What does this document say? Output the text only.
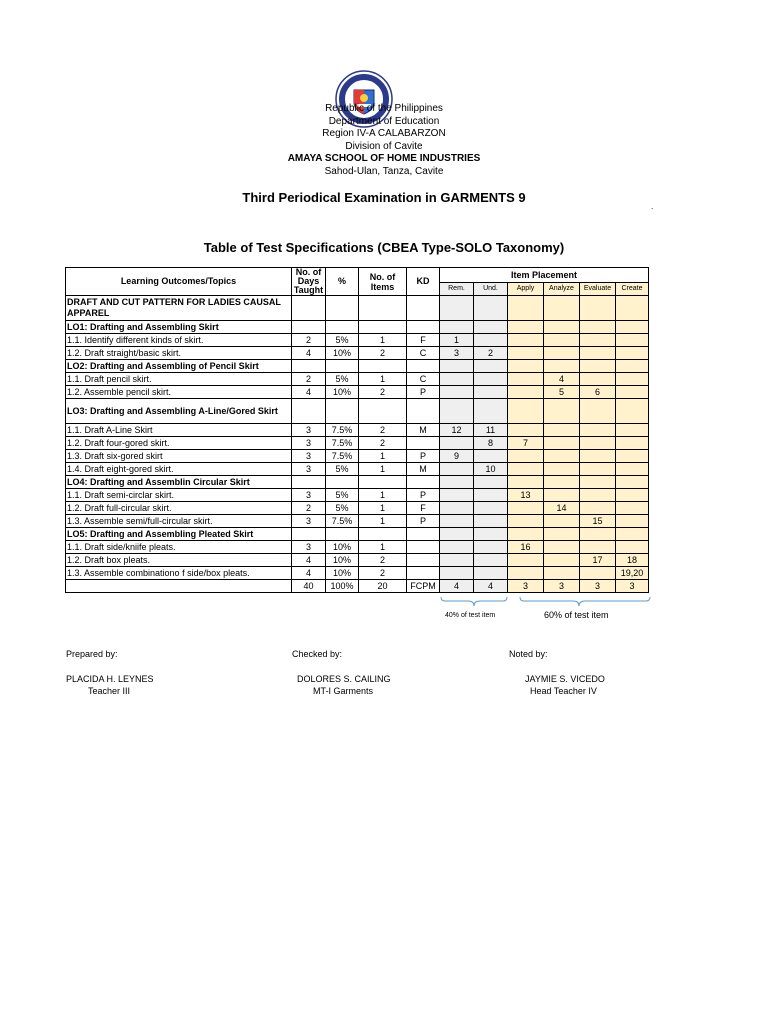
Republic of the Philippines
Department of Education
Region IV-A CALABARZON
Division of Cavite
AMAYA SCHOOL OF HOME INDUSTRIES
Sahod-Ulan, Tanza, Cavite
Third Periodical Examination in GARMENTS 9
.
Table of Test Specifications (CBEA Type-SOLO Taxonomy)
Learning Outcomes/Topics	No. of Days Taught	%	No. of Items	KD	Item Placement					
					Rem.	Und.	Apply	Analyze	Evaluate	Create
DRAFT AND CUT PATTERN FOR LADIES CAUSAL APPAREL										
LO1: Drafting and Assembling Skirt										
1.1. Identify different kinds of skirt.	2	5%	1	F	1					
1.2. Draft straight/basic skirt.	4	10%	2	C	3	2				
LO2: Drafting and Assembling of Pencil Skirt										
1.1. Draft pencil skirt.	2	5%	1	C				4		
1.2. Assemble pencil skirt.	4	10%	2	P				5	6	
LO3: Drafting and Assembling A-Line/Gored Skirt										
1.1. Draft A-Line Skirt	3	7.5%	2	M	12	11				
1.2. Draft four-gored skirt.	3	7.5%	2			8	7			
1.3. Draft six-gored skirt	3	7.5%	1	P	9					
1.4. Draft eight-gored skirt.	3	5%	1	M		10				
LO4: Drafting and Assemblin Circular Skirt										
1.1. Draft semi-circlar skirt.	3	5%	1	P			13			
1.2. Draft full-circular skirt.	2	5%	1	F				14		
1.3. Assemble semi/full-circular skirt.	3	7.5%	1	P					15	
LO5: Drafting and Assembling Pleated Skirt										
1.1. Draft side/kniife pleats.	3	10%	1				16			
1.2. Draft box pleats.	4	10%	2						17	18
1.3. Assemble combinationo f side/box pleats.	4	10%	2							19,20
	40	100%	20	FCPM	4	4	3	3	3	3
40% of test item	60% of test item
Prepared by:	Checked by:	Noted by:
PLACIDA H. LEYNES	DOLORES S. CAILING	JAYMIE S. VICEDO
Teacher III	MT-I Garments	Head Teacher IV
